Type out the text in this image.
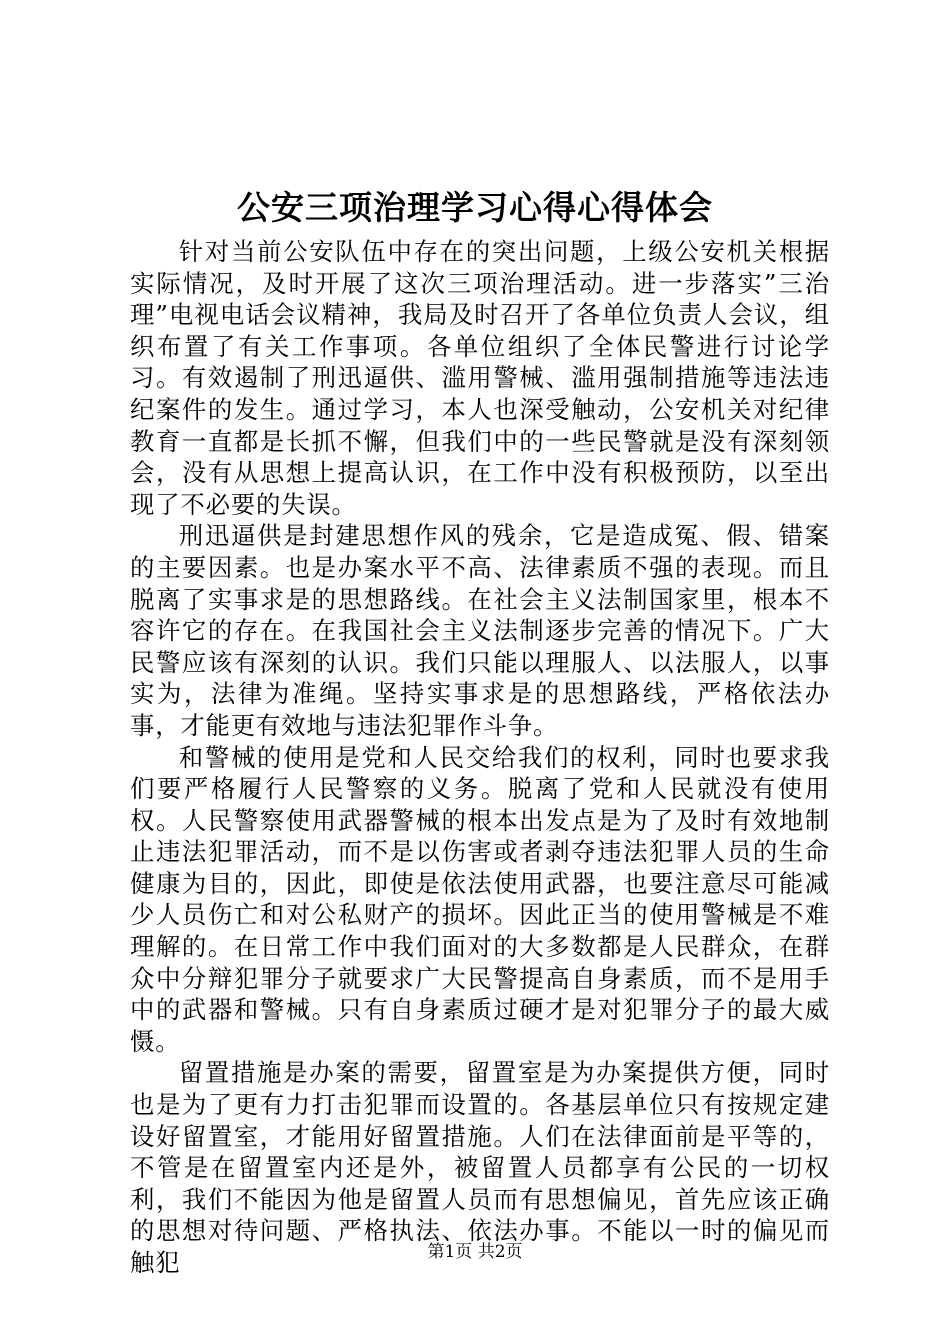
公安三项治理学习心得心得体会

针对当前公安队伍中存在的突出问题，上级公安机关根据实际情况，及时开展了这次三项治理活动。进一步落实”三治理”电视电话会议精神，我局及时召开了各单位负责人会议，组织布置了有关工作事项。各单位组织了全体民警进行讨论学习。有效遏制了刑迅逼供、滥用警械、滥用强制措施等违法违纪案件的发生。通过学习，本人也深受触动，公安机关对纪律教育一直都是长抓不懈，但我们中的一些民警就是没有深刻领会，没有从思想上提高认识，在工作中没有积极预防，以至出现了不必要的失误。

刑迅逼供是封建思想作风的残余，它是造成冤、假、错案的主要因素。也是办案水平不高、法律素质不强的表现。而且脱离了实事求是的思想路线。在社会主义法制国家里，根本不容许它的存在。在我国社会主义法制逐步完善的情况下。广大民警应该有深刻的认识。我们只能以理服人、以法服人，以事实为，法律为准绳。坚持实事求是的思想路线，严格依法办事，才能更有效地与违法犯罪作斗争。

和警械的使用是党和人民交给我们的权利，同时也要求我们要严格履行人民警察的义务。脱离了党和人民就没有使用权。人民警察使用武器警械的根本出发点是为了及时有效地制止违法犯罪活动，而不是以伤害或者剥夺违法犯罪人员的生命健康为目的，因此，即使是依法使用武器，也要注意尽可能减少人员伤亡和对公私财产的损坏。因此正当的使用警械是不难理解的。在日常工作中我们面对的大多数都是人民群众，在群众中分辩犯罪分子就要求广大民警提高自身素质，而不是用手中的武器和警械。只有自身素质过硬才是对犯罪分子的最大威慑。

留置措施是办案的需要，留置室是为办案提供方便，同时也是为了更有力打击犯罪而设置的。各基层单位只有按规定建设好留置室，才能用好留置措施。人们在法律面前是平等的，不管是在留置室内还是外，被留置人员都享有公民的一切权利，我们不能因为他是留置人员而有思想偏见，首先应该正确的思想对待问题、严格执法、依法办事。不能以一时的偏见而触犯	第1页 共2页
